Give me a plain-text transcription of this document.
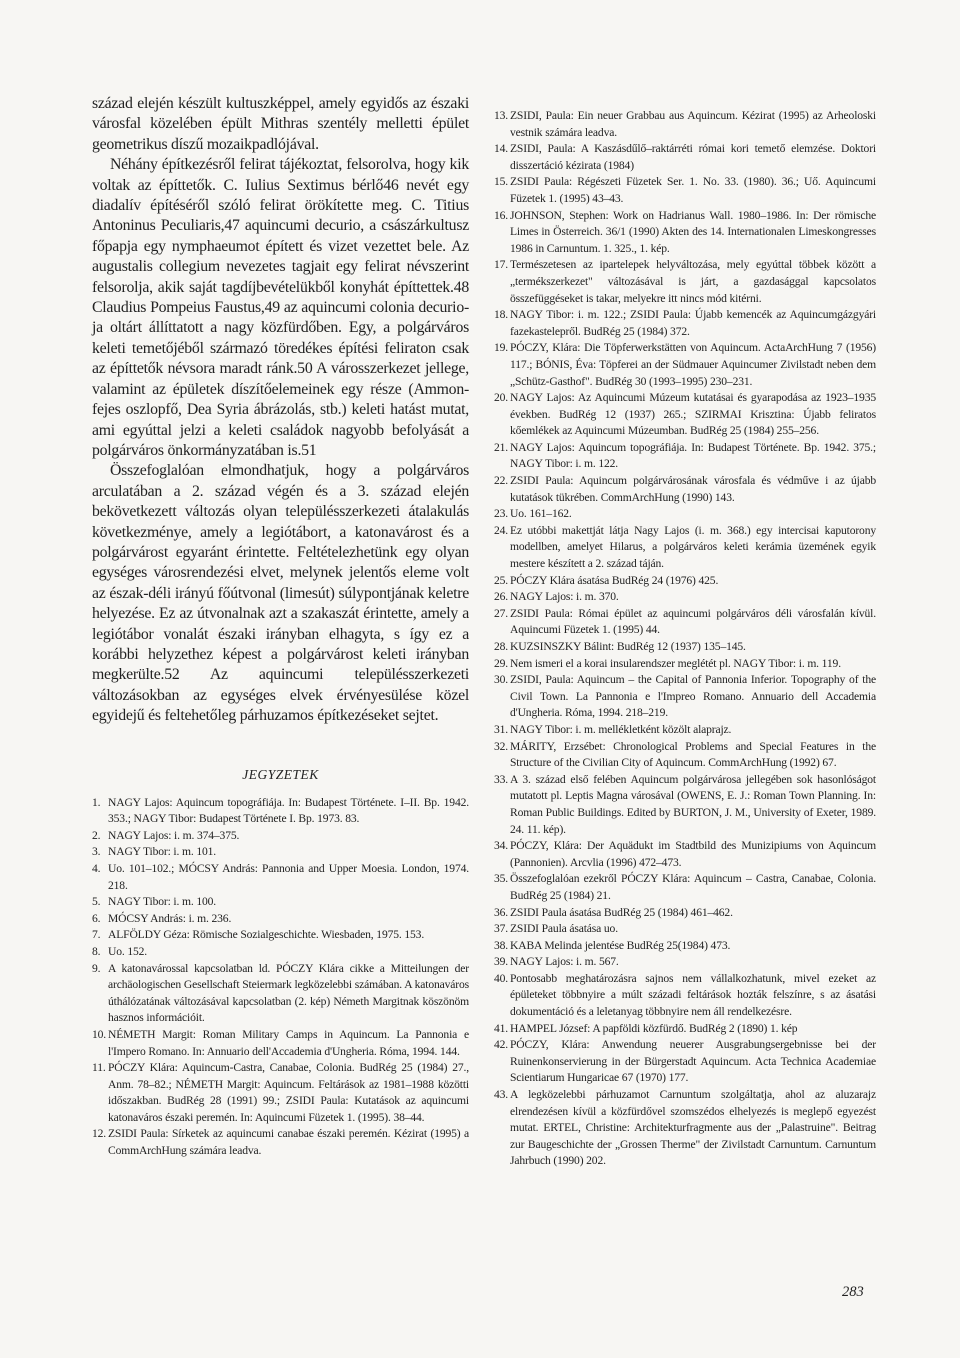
század elején készült kultuszképpel, amely egyidős az északi városfal közelében épült Mithras szentély melletti épület geometrikus díszű mozaikpadlójával.

Néhány építkezésről felirat tájékoztat, felsorolva, hogy kik voltak az építtetők. C. Iulius Sextimus bérlő46 nevét egy diadalív építéséről szóló felirat örökítette meg. C. Titius Antoninus Peculiaris,47 aquincumi decurio, a császárkultusz főpapja egy nymphaeumot épített és vizet vezettet bele. Az augustalis collegium nevezetes tagjait egy felirat névszerint felsorolja, akik saját tagdíjbevételükből konyhát építtettek.48 Claudius Pompeius Faustus,49 az aquincumi colonia decurio-ja oltárt állíttatott a nagy közfürdőben. Egy, a polgárváros keleti temetőjéből származó töredékes építési feliraton csak az építtetők névsora maradt ránk.50 A városszerkezet jellege, valamint az épületek díszítőelemeinek egy része (Ammon-fejes oszlopfő, Dea Syria ábrázolás, stb.) keleti hatást mutat, ami egyúttal jelzi a keleti családok nagyobb befolyását a polgárváros önkormányzatában is.51

Összefoglalóan elmondhatjuk, hogy a polgárváros arculatában a 2. század végén és a 3. század elején bekövetkezett változás olyan településszerkezeti átalakulás következménye, amely a legiótábort, a katonavárost és a polgárvárost egyaránt érintette. Feltételezhetünk egy olyan egységes városrendezési elvet, melynek jelentős eleme volt az észak-déli irányú főútvonal (limesút) súlypontjának keletre helyezése. Ez az útvonalnak azt a szakaszát érintette, amely a legiótábor vonalát északi irányban elhagyta, s így ez a korábbi helyzethez képest a polgárvárost keleti irányban megkerülte.52 Az aquincumi településszerkezeti változásokban az egységes elvek érvényesülése közel egyidejű és feltehetőleg párhuzamos építkezéseket sejtet.

JEGYZETEK

1. NAGY Lajos: Aquincum topográfiája. In: Budapest Története. I–II. Bp. 1942. 353.; NAGY Tibor: Budapest Története I. Bp. 1973. 83.

2. NAGY Lajos: i. m. 374–375.

3. NAGY Tibor: i. m. 101.

4. Uo. 101–102.; MÓCSY András: Pannonia and Upper Moesia. London, 1974. 218.

5. NAGY Tibor: i. m. 100.

6. MÓCSY András: i. m. 236.

7. ALFÖLDY Géza: Römische Sozialgeschichte. Wiesbaden, 1975. 153.

8. Uo. 152.

9. A katonavárossal kapcsolatban ld. PÓCZY Klára cikke a Mitteilungen der archäologischen Gesellschaft Steiermark legközelebbi számában. A katonaváros úthálózatának változásával kapcsolatban (2. kép) Németh Margitnak köszönöm hasznos információit.

10. NÉMETH Margit: Roman Military Camps in Aquincum. La Pannonia e l'Impero Romano. In: Annuario dell'Accademia d'Ungheria. Róma, 1994. 144.

11. PÓCZY Klára: Aquincum-Castra, Canabae, Colonia. BudRég 25 (1984) 27., Anm. 78–82.; NÉMETH Margit: Aquincum. Feltárások az 1981–1988 közötti időszakban. BudRég 28 (1991) 99.; ZSIDI Paula: Kutatások az aquincumi katonaváros északi peremén. In: Aquincumi Füzetek 1. (1995). 38–44.

12. ZSIDI Paula: Sírketek az aquincumi canabae északi peremén. Kézirat (1995) a CommArchHung számára leadva.

13. ZSIDI, Paula: Ein neuer Grabbau aus Aquincum. Kézirat (1995) az Arheoloski vestnik számára leadva.

14. ZSIDI, Paula: A Kaszásdűlő–raktárréti római kori temető elemzése. Doktori disszertáció kézirata (1984)

15. ZSIDI Paula: Régészeti Füzetek Ser. 1. No. 33. (1980). 36.; Uő. Aquincumi Füzetek 1. (1995) 43–43.

16. JOHNSON, Stephen: Work on Hadrianus Wall. 1980–1986. In: Der römische Limes in Österreich. 36/1 (1990) Akten des 14. Internationalen Limeskongresses 1986 in Carnuntum. 1. 325., 1. kép.

17. Természetesen az ipartelepek helyváltozása, mely egyúttal többek között a „termékszerkezet" változásával is járt, a gazdasággal kapcsolatos összefüggéseket is takar, melyekre itt nincs mód kitérni.

18. NAGY Tibor: i. m. 122.; ZSIDI Paula: Újabb kemencék az Aquincumgázgyári fazekastelepről. BudRég 25 (1984) 372.

19. PÓCZY, Klára: Die Töpferwerkstätten von Aquincum. ActaArchHung 7 (1956) 117.; BÓNIS, Éva: Töpferei an der Südmauer Aquincumer Zivilstadt neben dem „Schütz-Gasthof". BudRég 30 (1993–1995) 230–231.

20. NAGY Lajos: Az Aquincumi Múzeum kutatásai és gyarapodása az 1923–1935 években. BudRég 12 (1937) 265.; SZIRMAI Krisztina: Újabb feliratos kőemlékek az Aquincumi Múzeumban. BudRég 25 (1984) 255–256.

21. NAGY Lajos: Aquincum topográfiája. In: Budapest Története. Bp. 1942. 375.; NAGY Tibor: i. m. 122.

22. ZSIDI Paula: Aquincum polgárvárosának városfala és védműve i az újabb kutatások tükrében. CommArchHung (1990) 143.

23. Uo. 161–162.

24. Ez utóbbi makettját látja Nagy Lajos (i. m. 368.) egy intercisai kaputorony modellben, amelyet Hilarus, a polgárváros keleti kerámia üzemének egyik mestere készített a 2. század táján.

25. PÓCZY Klára ásatása BudRég 24 (1976) 425.

26. NAGY Lajos: i. m. 370.

27. ZSIDI Paula: Római épület az aquincumi polgárváros déli városfalán kívül. Aquincumi Füzetek 1. (1995) 44.

28. KUZSINSZKY Bálint: BudRég 12 (1937) 135–145.

29. Nem ismeri el a korai insularendszer meglétét pl. NAGY Tibor: i. m. 119.

30. ZSIDI, Paula: Aquincum – the Capital of Pannonia Inferior. Topography of the Civil Town. La Pannonia e l'Impreo Romano. Annuario dell Accademia d'Ungheria. Róma, 1994. 218–219.

31. NAGY Tibor: i. m. mellékletként közölt alaprajz.

32. MÁRITY, Erzsébet: Chronological Problems and Special Features in the Structure of the Civilian City of Aquincum. CommArchHung (1992) 67.

33. A 3. század első felében Aquincum polgárvárosa jellegében sok hasonlóságot mutatott pl. Leptis Magna városával (OWENS, E. J.: Roman Town Planning. In: Roman Public Buildings. Edited by BURTON, J. M., University of Exeter, 1989. 24. 11. kép).

34. PÓCZY, Klára: Der Aquädukt im Stadtbild des Munizipiums von Aquincum (Pannonien). Arcvlia (1996) 472–473.

35. Összefoglalóan ezekről PÓCZY Klára: Aquincum – Castra, Canabae, Colonia. BudRég 25 (1984) 21.

36. ZSIDI Paula ásatása BudRég 25 (1984) 461–462.

37. ZSIDI Paula ásatása uo.

38. KABA Melinda jelentése BudRég 25(1984) 473.

39. NAGY Lajos: i. m. 567.

40. Pontosabb meghatározásra sajnos nem vállalkozhatunk, mivel ezeket az épületeket többnyire a múlt századi feltárások hozták felszínre, s az ásatási dokumentáció és a leletanyag többnyire nem áll rendelkezésre.

41. HAMPEL József: A papföldi közfürdő. BudRég 2 (1890) 1. kép

42. PÓCZY, Klára: Anwendung neuerer Ausgrabungsergebnisse bei der Ruinenkonservierung in der Bürgerstadt Aquincum. Acta Technica Academiae Scientiarum Hungaricae 67 (1970) 177.

43. A legközelebbi párhuzamot Carnuntum szolgáltatja, ahol az aluzarajz elrendezésen kívül a közfürdővel szomszédos elhelyezés is meglepő egyezést mutat. ERTEL, Christine: Architekturfragmente aus der „Palastruine". Beitrag zur Baugeschichte der „Grossen Therme" der Zivilstadt Carnuntum. Carnuntum Jahrbuch (1990) 202.

283
